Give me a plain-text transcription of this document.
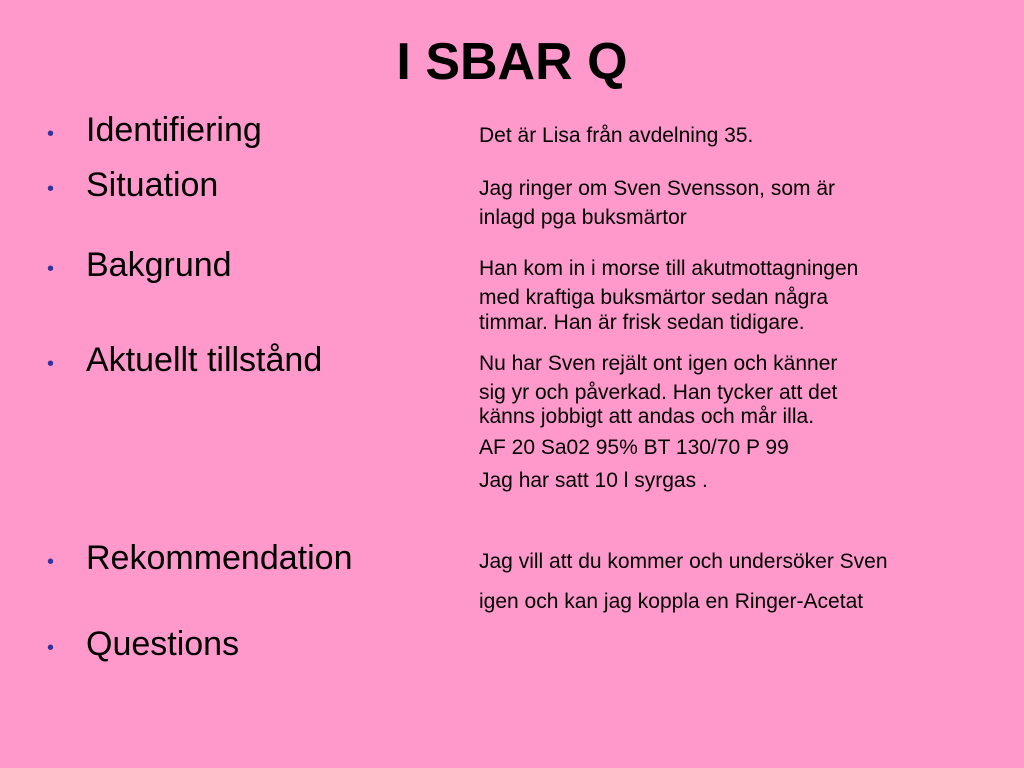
I SBAR Q
• Identifiering	Det är Lisa från avdelning 35.
• Situation	Jag ringer om Sven Svensson, som är
inlagd pga buksmärtor
• Bakgrund	Han kom in i morse till akutmottagningen
med kraftiga buksmärtor sedan några
timmar. Han är frisk sedan tidigare.
• Aktuellt tillstånd	Nu har Sven rejält ont igen och känner
sig yr och påverkad. Han tycker att det
känns jobbigt att andas och mår illa.
AF 20 Sa02 95% BT 130/70 P 99
Jag har satt 10 l syrgas .
• Rekommendation	Jag vill att du kommer och undersöker Sven
igen och kan jag koppla en Ringer-Acetat
• Questions
